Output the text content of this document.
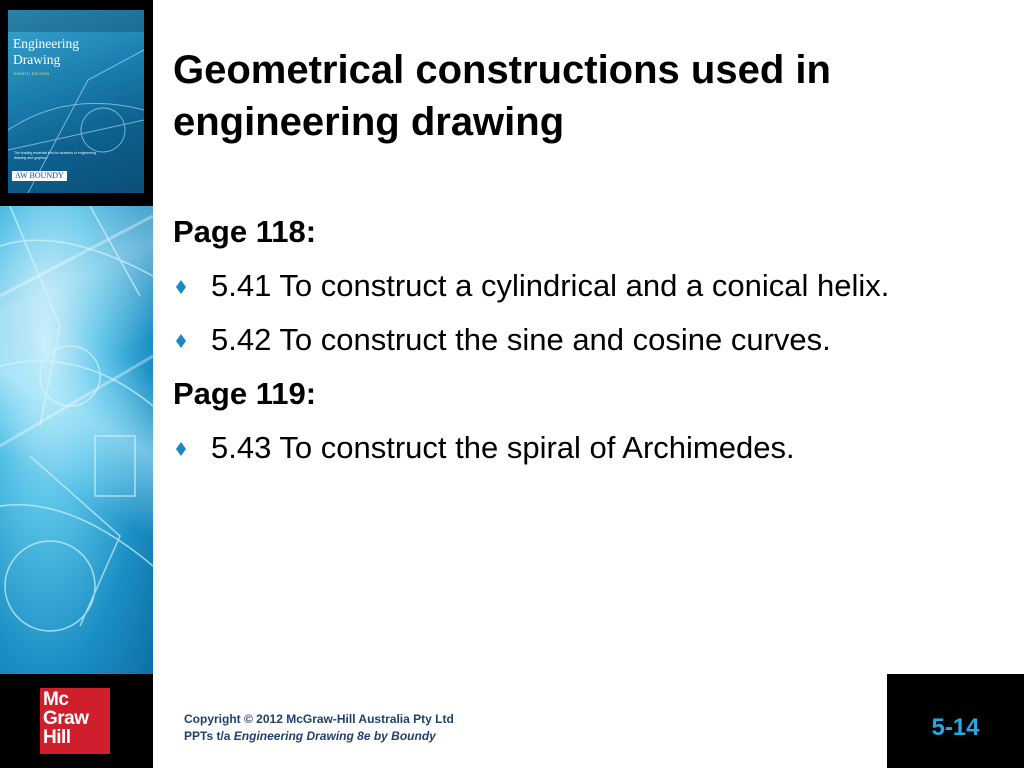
Engineering
Drawing
EIGHTH EDITION
The leading essential text for students of engineering drawing and graphics
AW BOUNDY
Geometrical constructions used in engineering drawing
Page 118:
5.41 To construct a cylindrical and a conical helix.
5.42 To construct the sine and cosine curves.
Page 119:
5.43 To construct the spiral of Archimedes.
Mc
Graw
Hill
Copyright © 2012 McGraw-Hill Australia Pty Ltd
PPTs t/a Engineering Drawing 8e by Boundy	5-14
